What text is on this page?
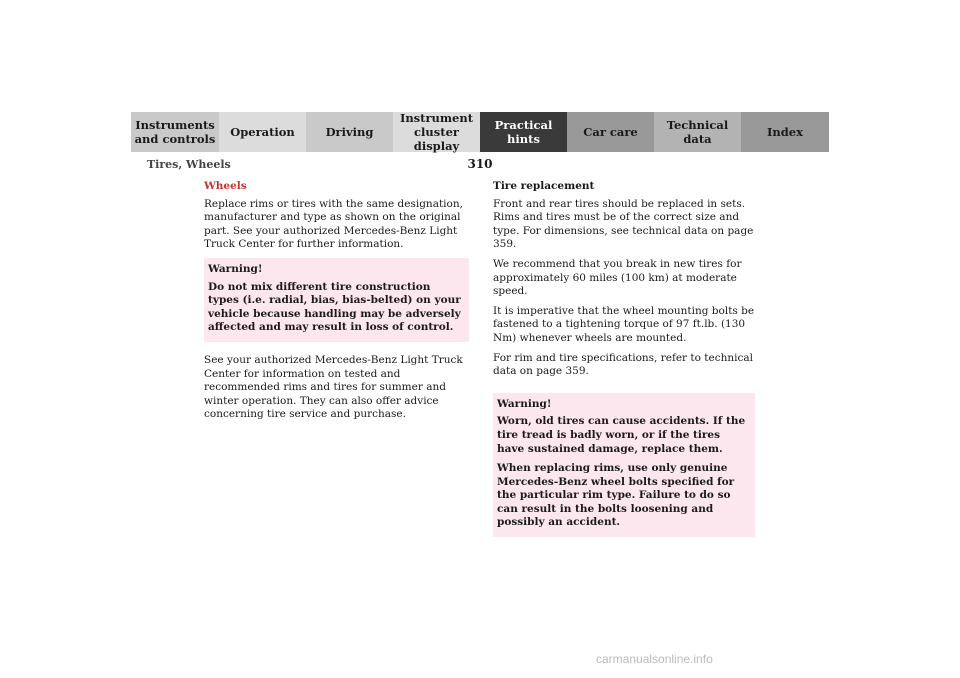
Instruments
and controls	Operation	Driving
Instrument
cluster display
Practical hints	Car care	Technical
data	Index
310
Tires, Wheels
Wheels

Replace rims or tires with the same designation, manufacturer and type as shown on the original part. See your authorized Mercedes-Benz Light Truck Center for further information.

Warning!

Do not mix different tire construction types (i.e. radial, bias, bias-belted) on your vehicle because handling may be adversely affected and may result in loss of control.

See your authorized Mercedes-Benz Light Truck Center for information on tested and recommended rims and tires for summer and winter operation. They can also offer advice concerning tire service and purchase.

Tire replacement

Front and rear tires should be replaced in sets. Rims and tires must be of the correct size and type. For dimensions, see technical data on page 359.

We recommend that you break in new tires for approximately 60 miles (100 km) at moderate speed.

It is imperative that the wheel mounting bolts be fastened to a tightening torque of 97 ft.lb. (130 Nm) whenever wheels are mounted.

For rim and tire specifications, refer to technical data on page 359.

Warning!

Worn, old tires can cause accidents. If the tire tread is badly worn, or if the tires have sustained damage, replace them.

When replacing rims, use only genuine Mercedes-Benz wheel bolts specified for the particular rim type. Failure to do so can result in the bolts loosening and possibly an accident.

carmanualsonline.info
